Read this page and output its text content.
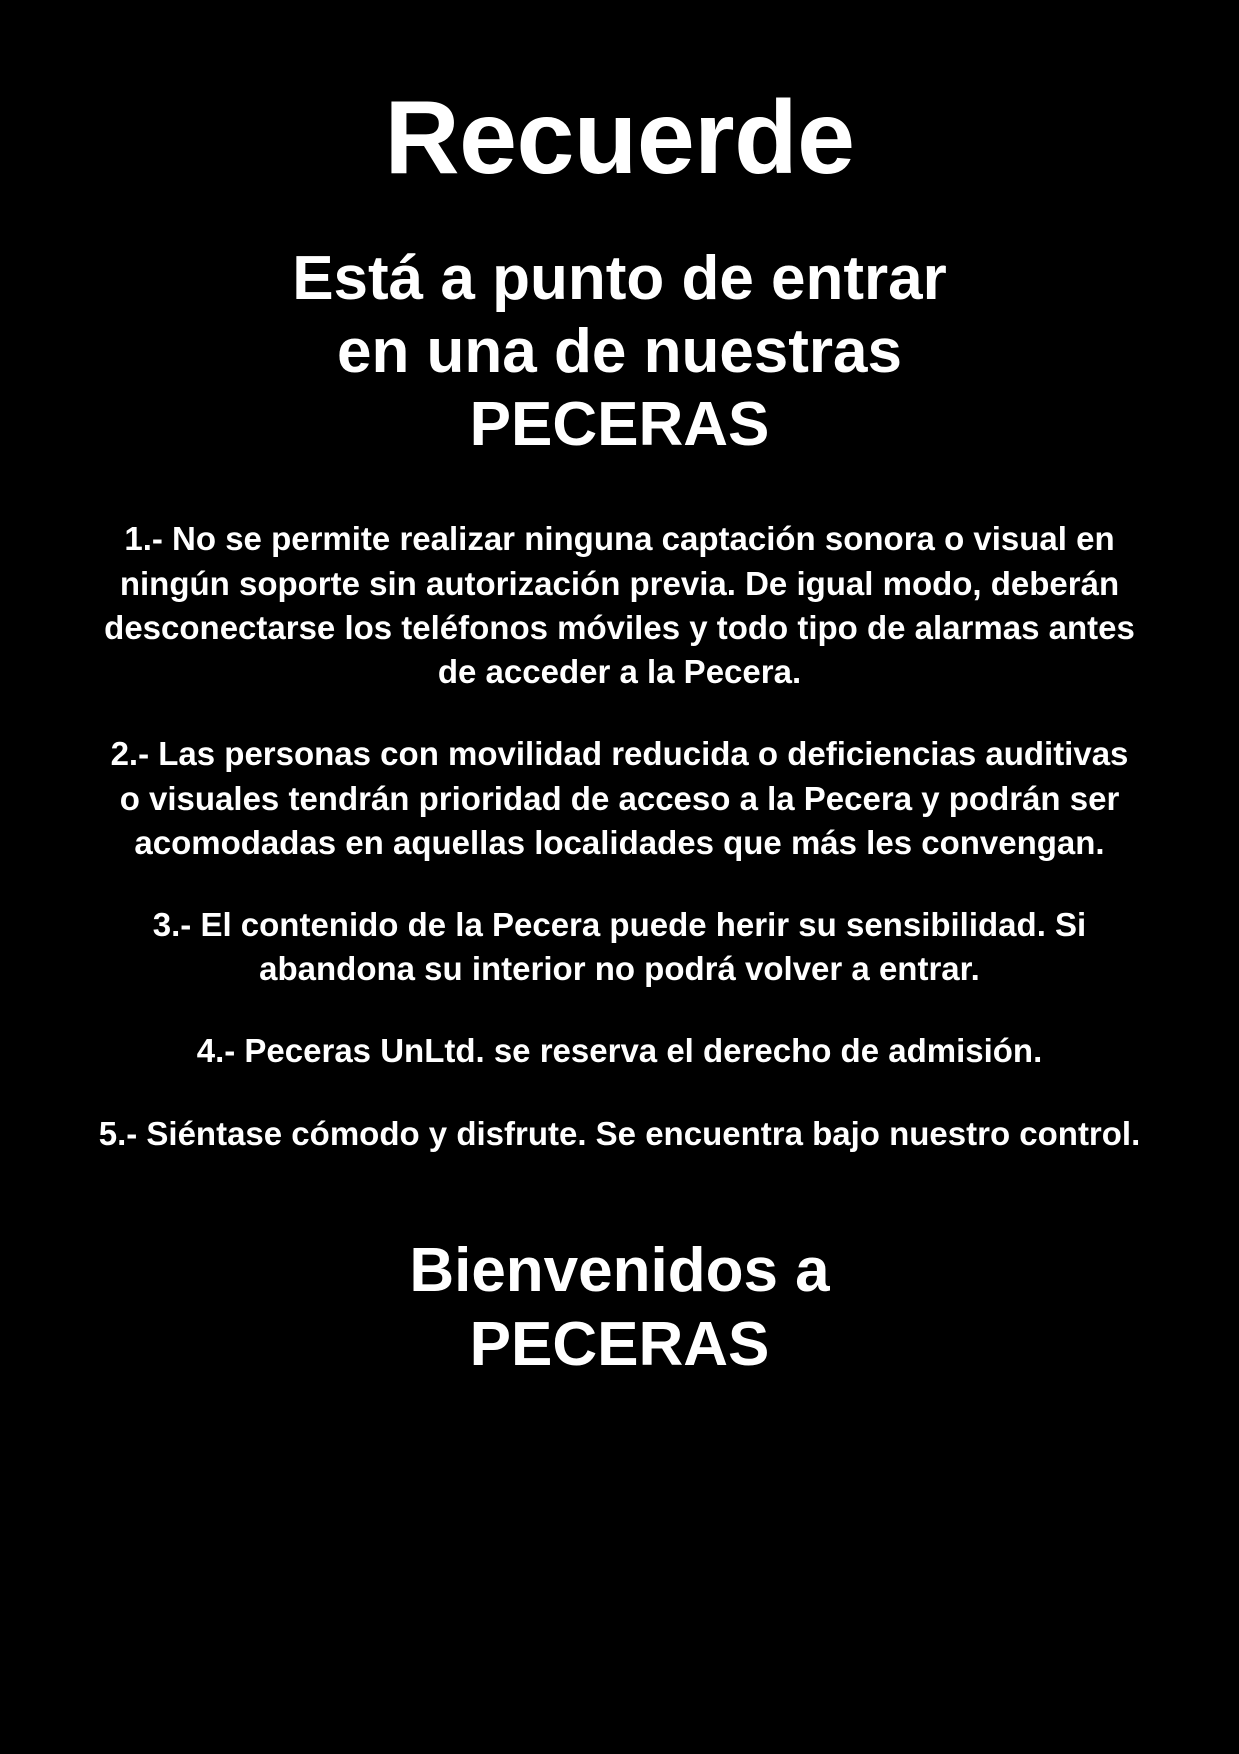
Recuerde
Está a punto de entrar
en una de nuestras
PECERAS

1.- No se permite realizar ninguna captación sonora o visual en ningún soporte sin autorización previa. De igual modo, deberán desconectarse los teléfonos móviles y todo tipo de alarmas antes de acceder a la Pecera.

2.- Las personas con movilidad reducida o deficiencias auditivas o visuales tendrán prioridad de acceso a la Pecera y podrán ser acomodadas en aquellas localidades que más les convengan.

3.- El contenido de la Pecera puede herir su sensibilidad. Si abandona su interior no podrá volver a entrar.

4.- Peceras UnLtd. se reserva el derecho de admisión.

5.- Siéntase cómodo y disfrute. Se encuentra bajo nuestro control.

Bienvenidos a
PECERAS
